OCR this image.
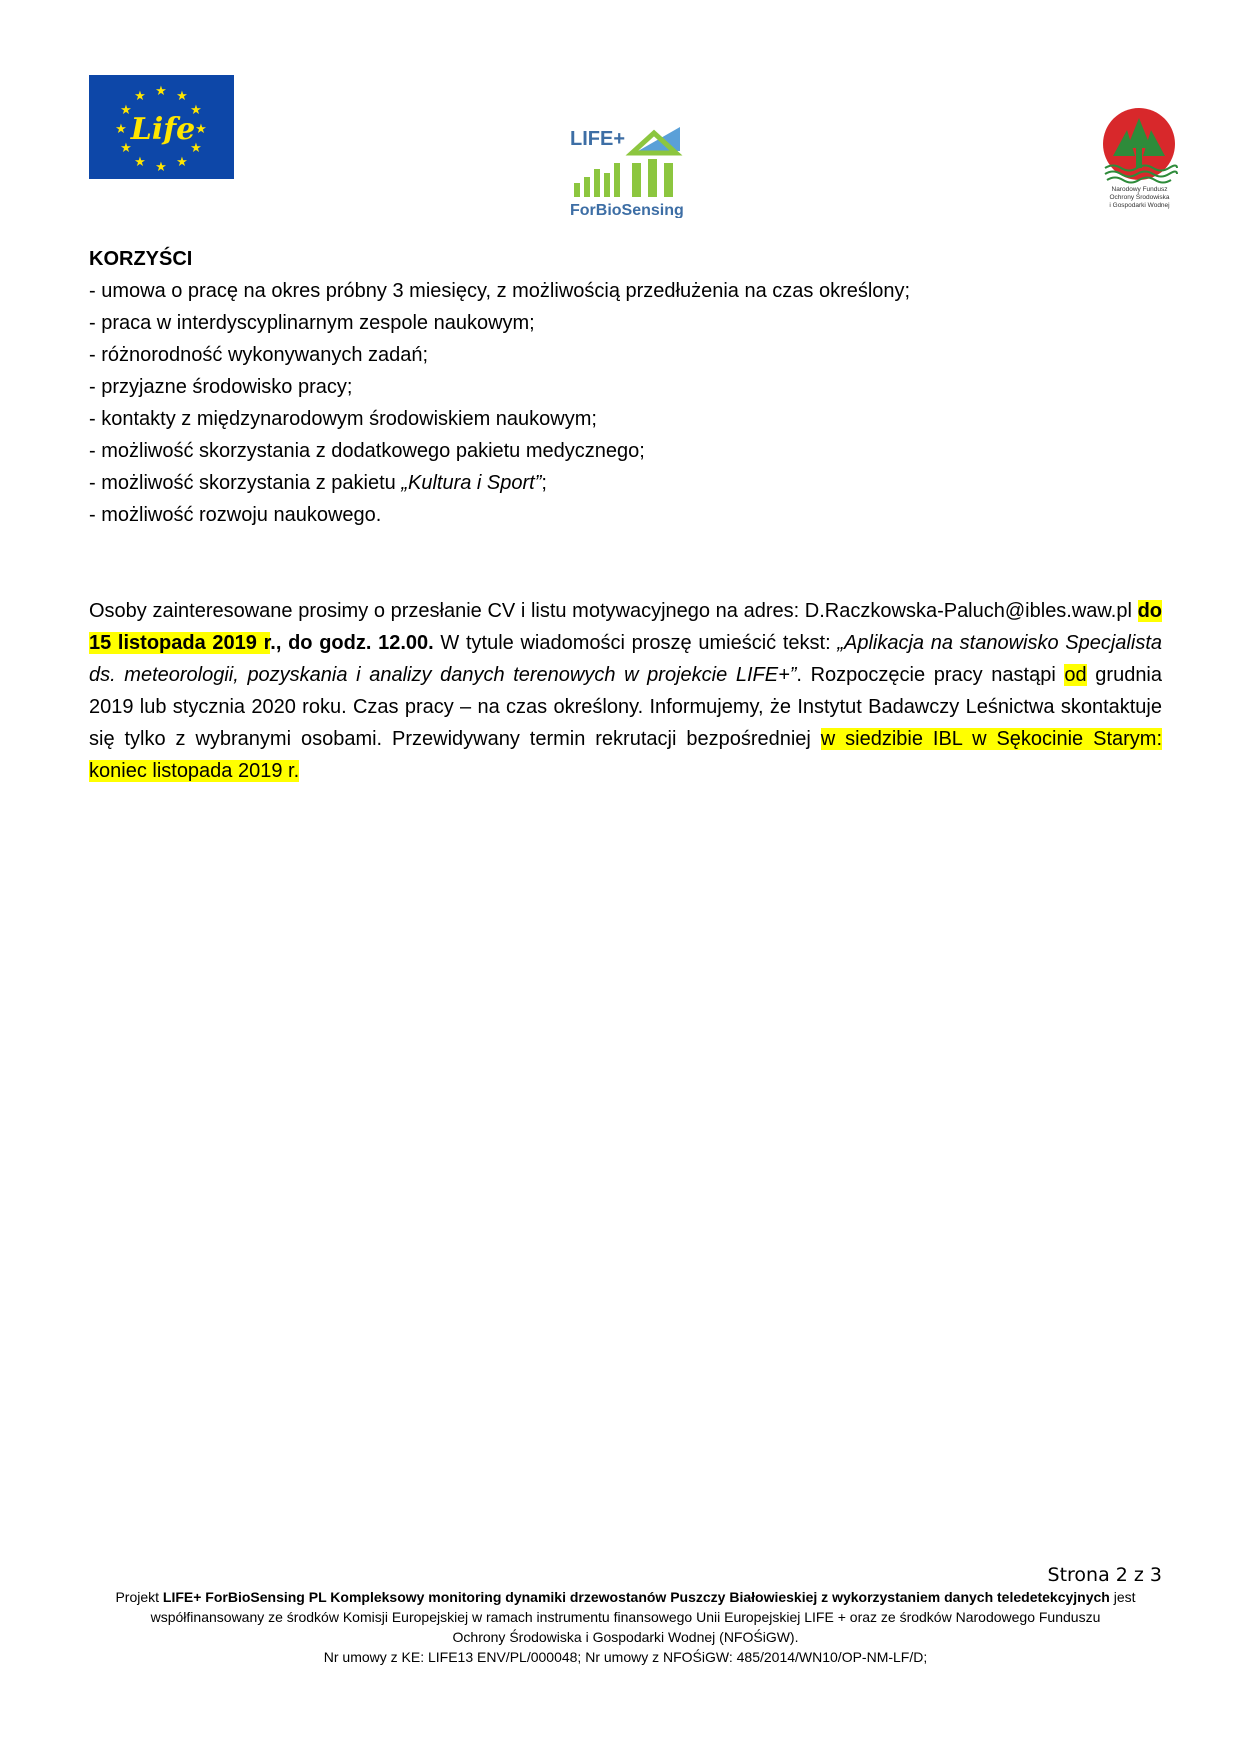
★ ★
★
★
★
★
★
★
★
★
★
★
Life	LIFE+
ForBioSensing
Narodowy Fundusz
Ochrony Środowiska
i Gospodarki Wodnej
KORZYŚCI
- umowa o pracę na okres próbny 3 miesięcy, z możliwością przedłużenia na czas określony;
- praca w interdyscyplinarnym zespole naukowym;
- różnorodność wykonywanych zadań;
- przyjazne środowisko pracy;
- kontakty z międzynarodowym środowiskiem naukowym;
- możliwość skorzystania z dodatkowego pakietu medycznego;
- możliwość skorzystania z pakietu „Kultura i Sport”;
- możliwość rozwoju naukowego.
Osoby zainteresowane prosimy o przesłanie CV i listu motywacyjnego na adres: D.Raczkowska-Paluch@ibles.waw.pl do 15 listopada 2019 r., do godz. 12.00. W tytule wiadomości proszę umieścić tekst: „Aplikacja na stanowisko Specjalista ds. meteorologii, pozyskania i analizy danych terenowych w projekcie LIFE+”. Rozpoczęcie pracy nastąpi od grudnia 2019 lub stycznia 2020 roku. Czas pracy – na czas określony. Informujemy, że Instytut Badawczy Leśnictwa skontaktuje się tylko z wybranymi osobami. Przewidywany termin rekrutacji bezpośredniej w siedzibie IBL w Sękocinie Starym: koniec listopada 2019 r.
Strona 2 z 3
Projekt LIFE+ ForBioSensing PL Kompleksowy monitoring dynamiki drzewostanów Puszczy Białowieskiej z wykorzystaniem danych teledetekcyjnych jest
współfinansowany ze środków Komisji Europejskiej w ramach instrumentu finansowego Unii Europejskiej LIFE + oraz ze środków Narodowego Funduszu
Ochrony Środowiska i Gospodarki Wodnej (NFOŚiGW).
Nr umowy z KE: LIFE13 ENV/PL/000048; Nr umowy z NFOŚiGW: 485/2014/WN10/OP-NM-LF/D;
